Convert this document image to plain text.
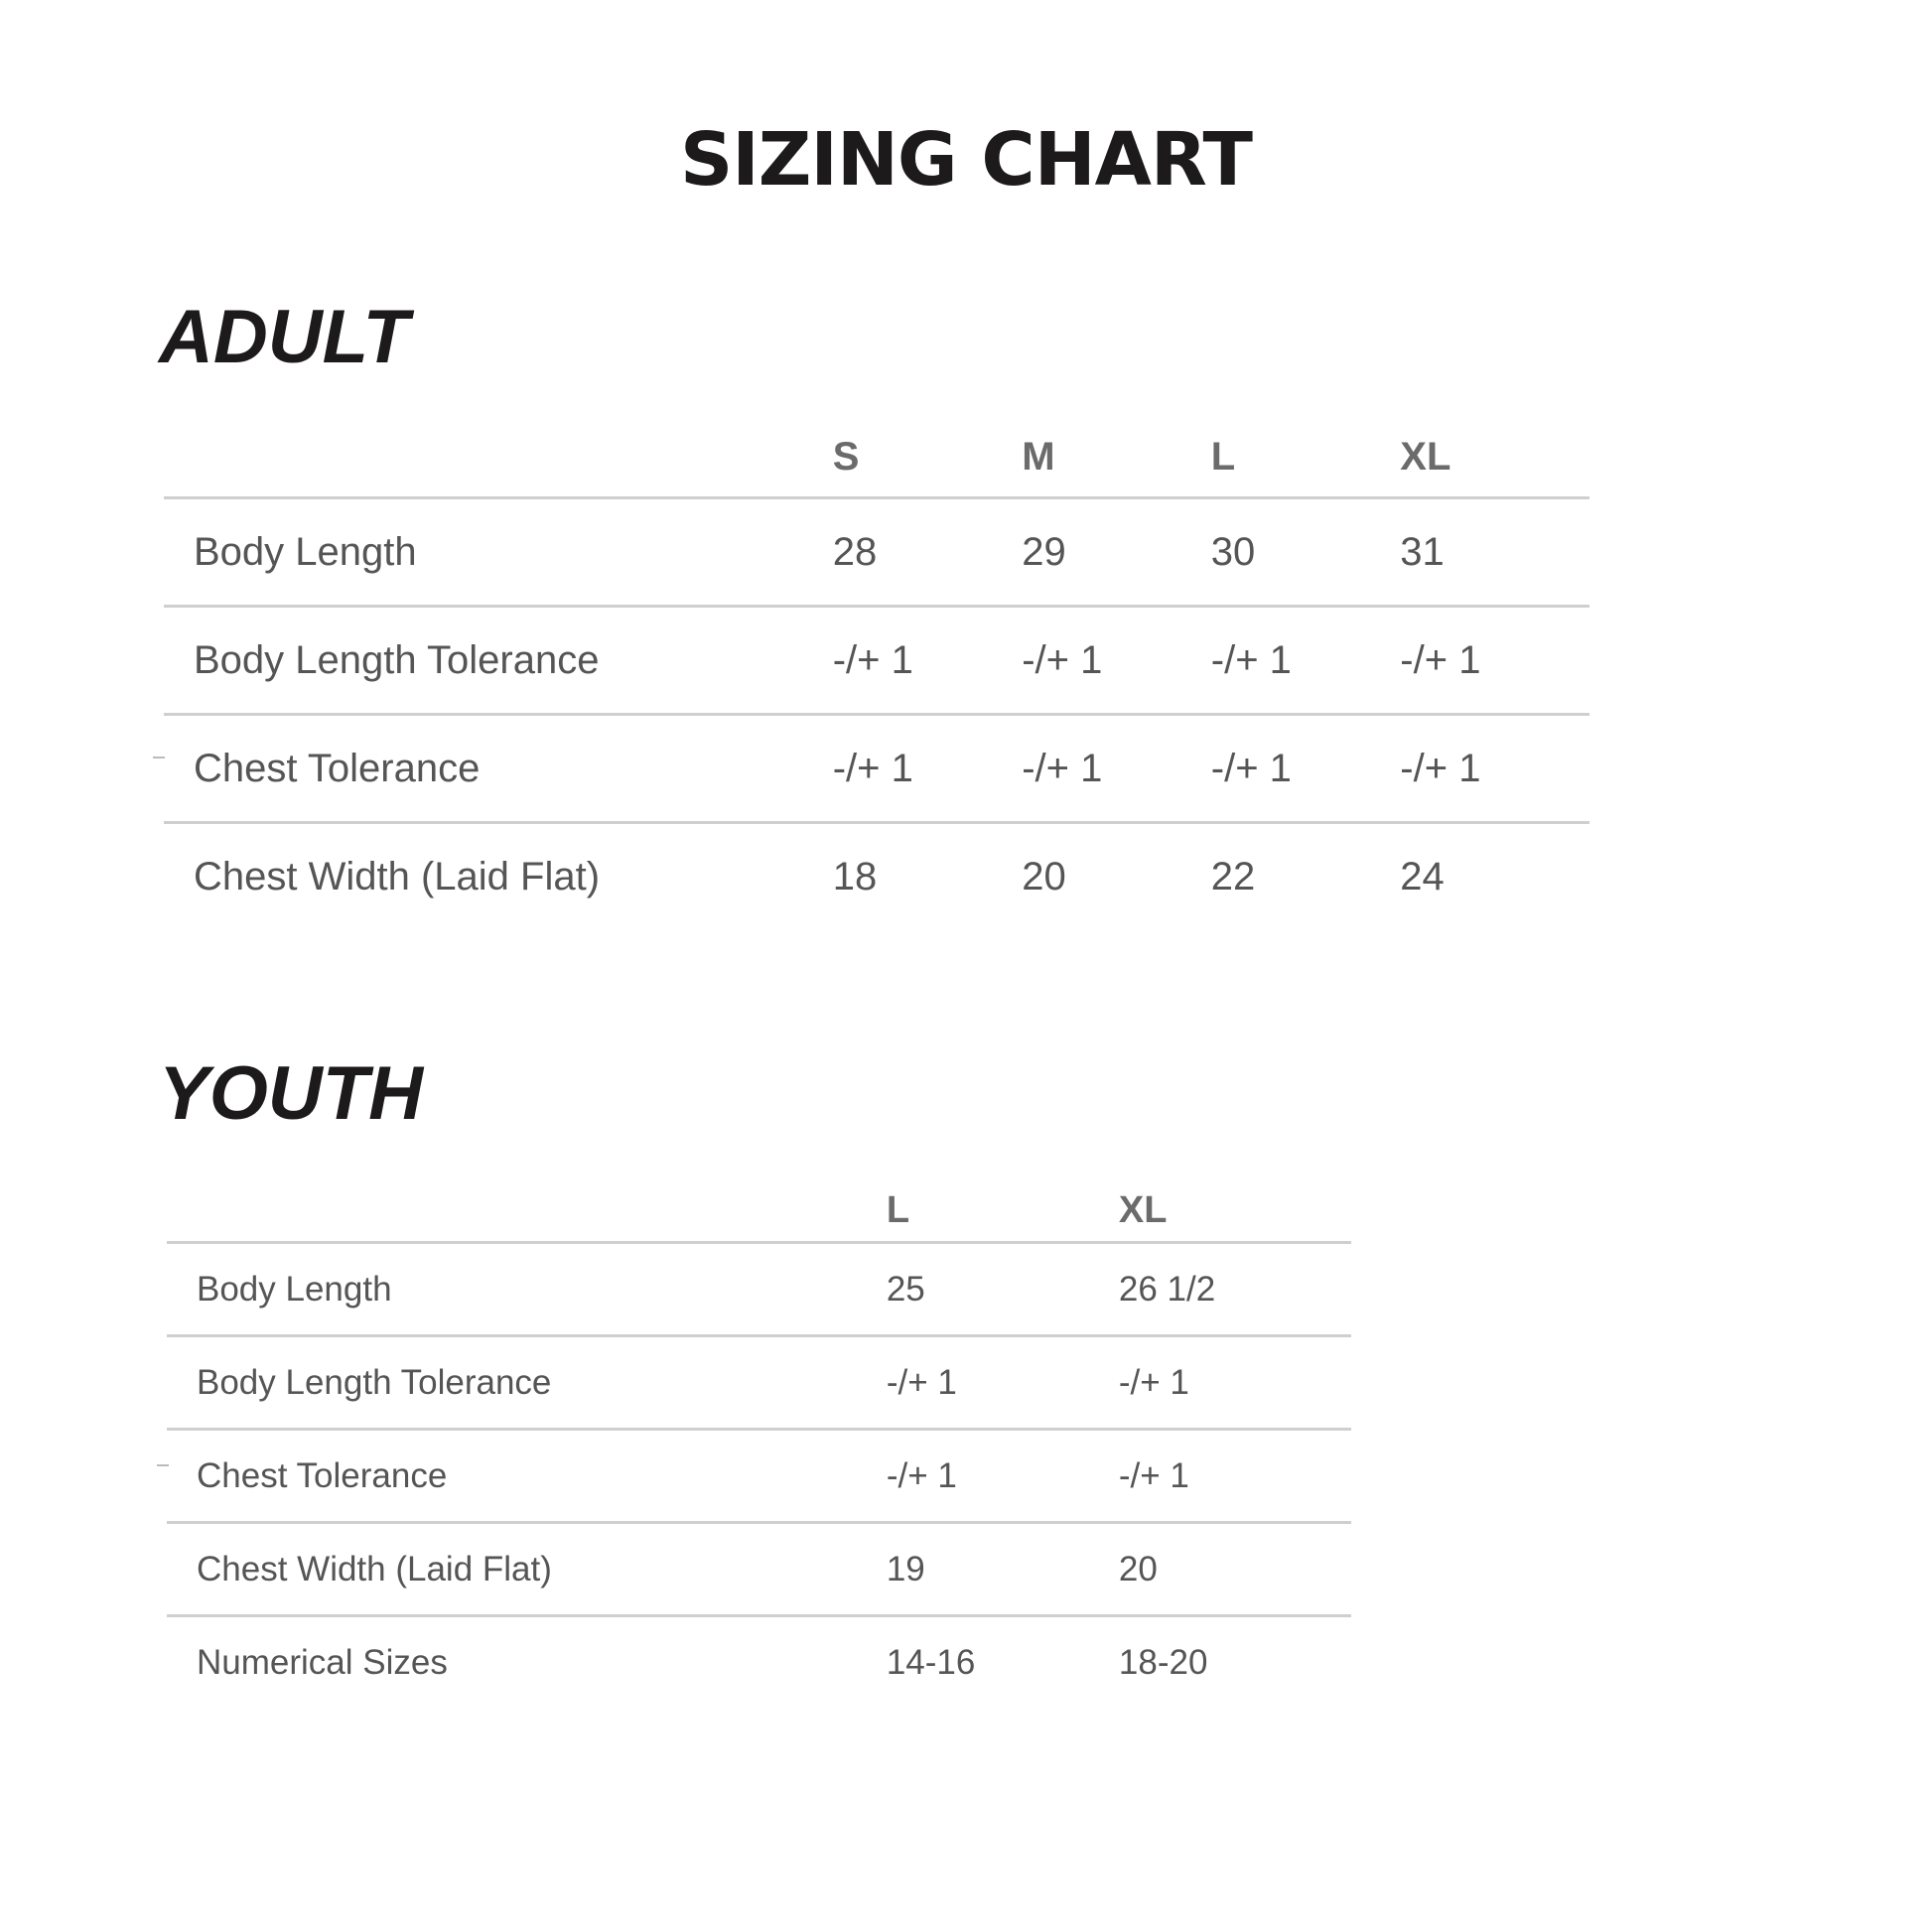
SIZING CHART
ADULT
	S	M	L	XL
Body Length	28	29	30	31
Body Length Tolerance	-/+ 1	-/+ 1	-/+ 1	-/+ 1
Chest Tolerance	-/+ 1	-/+ 1	-/+ 1	-/+ 1
Chest Width (Laid Flat)	18	20	22	24
YOUTH
	L	XL
Body Length	25	26 1/2
Body Length Tolerance	-/+ 1	-/+ 1
Chest Tolerance	-/+ 1	-/+ 1
Chest Width (Laid Flat)	19	20
Numerical Sizes	14-16	18-20
